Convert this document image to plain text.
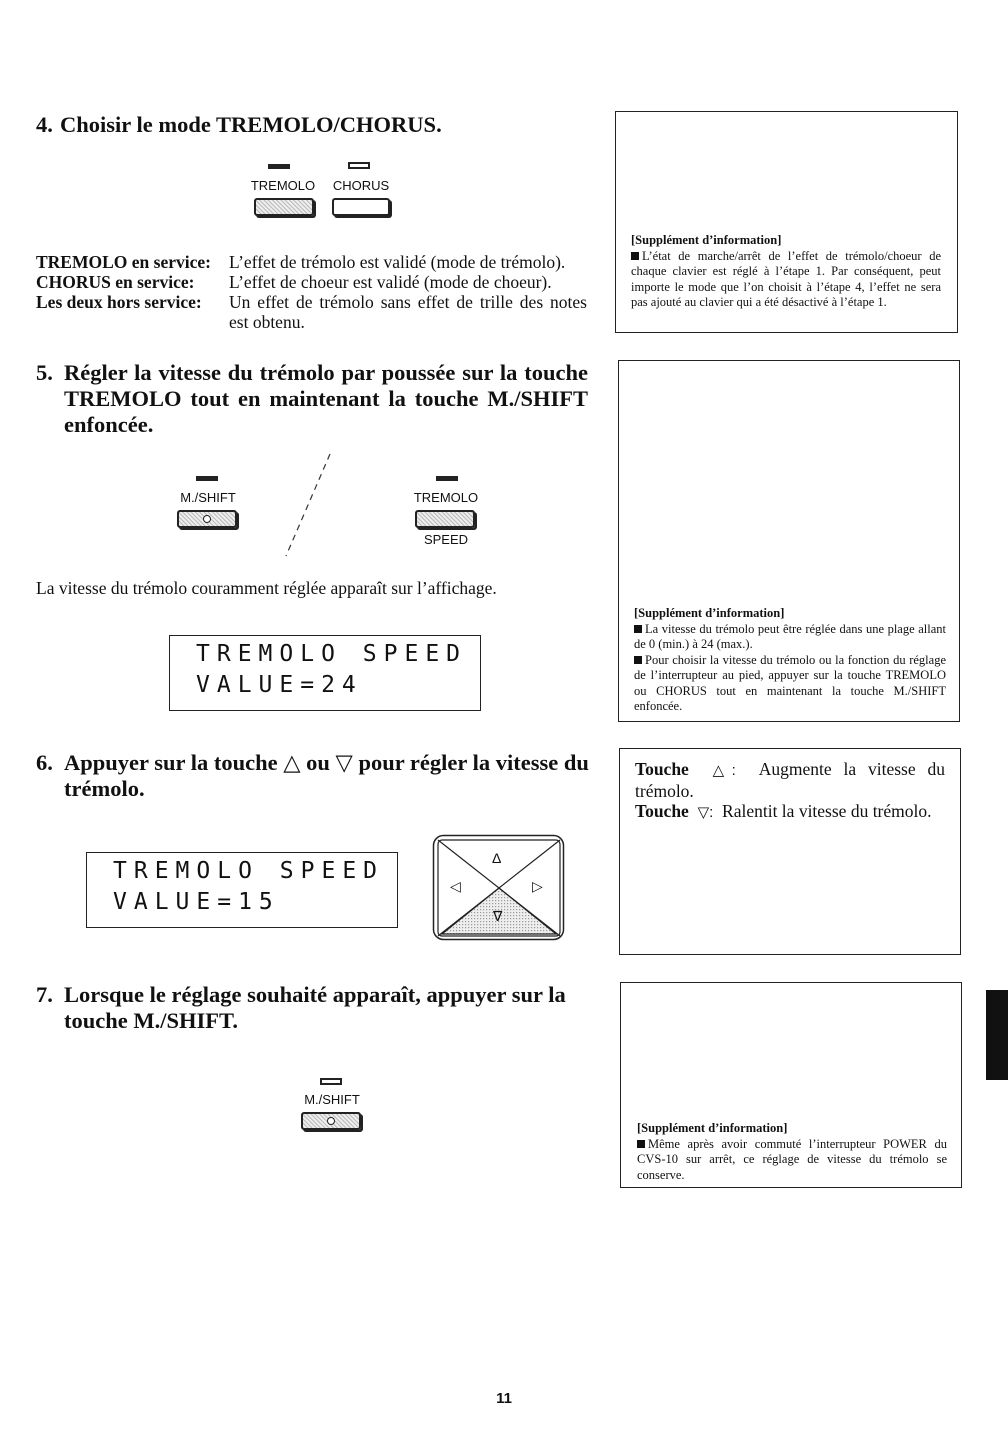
4. Choisir le mode TREMOLO/CHORUS.
TREMOLO	CHORUS
TREMOLO en service: L’effet de trémolo est validé (mode de trémolo).
CHORUS en service: L’effet de choeur est validé (mode de choeur).
Les deux hors service: Un effet de trémolo sans effet de trille des notes est obtenu.
5. Régler la vitesse du trémolo par poussée sur la touche TREMOLO tout en maintenant la touche M./SHIFT enfoncée.
M./SHIFT	TREMOLO
SPEED
La vitesse du trémolo couramment réglée apparaît sur l’affichage.
TREMOLO SPEED
VALUE=24
6. Appuyer sur la touche △ ou ▽ pour régler la vitesse du trémolo.
TREMOLO SPEED
VALUE=15
Δ
◁	▷
∇
7. Lorsque le réglage souhaité apparaît, appuyer sur la touche M./SHIFT.
M./SHIFT
[Supplément d’information]
L’état de marche/arrêt de l’effet de trémolo/choeur de chaque clavier est réglé à l’étape 1. Par conséquent, peut importe le mode que l’on choisit à l’étape 4, l’effet ne sera pas ajouté au clavier qui a été désactivé à l’étape 1.
[Supplément d’information]
La vitesse du trémolo peut être réglée dans une plage allant de 0 (min.) à 24 (max.).
Pour choisir la vitesse du trémolo ou la fonction du réglage de l’interrupteur au pied, appuyer sur la touche TREMOLO ou CHORUS tout en maintenant la touche M./SHIFT enfoncée.
Touche △: Augmente la vitesse du trémolo.
Touche ▽: Ralentit la vitesse du trémolo.
[Supplément d’information]
Même après avoir commuté l’interrupteur POWER du CVS-10 sur arrêt, ce réglage de vitesse du trémolo se conserve.
11
